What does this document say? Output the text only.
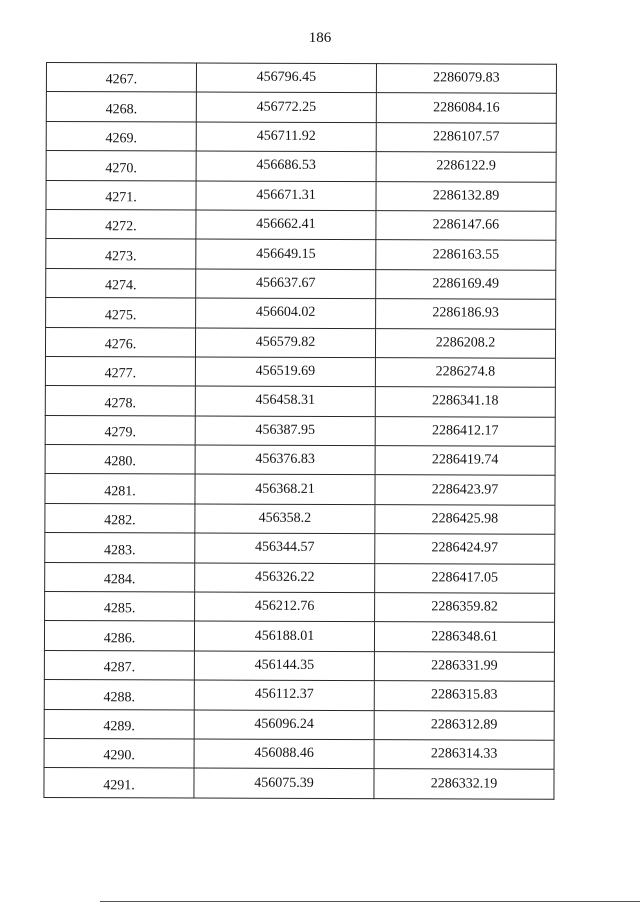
186
4267.	456796.45	2286079.83
4268.	456772.25	2286084.16
4269.	456711.92	2286107.57
4270.	456686.53	2286122.9
4271.	456671.31	2286132.89
4272.	456662.41	2286147.66
4273.	456649.15	2286163.55
4274.	456637.67	2286169.49
4275.	456604.02	2286186.93
4276.	456579.82	2286208.2
4277.	456519.69	2286274.8
4278.	456458.31	2286341.18
4279.	456387.95	2286412.17
4280.	456376.83	2286419.74
4281.	456368.21	2286423.97
4282.	456358.2	2286425.98
4283.	456344.57	2286424.97
4284.	456326.22	2286417.05
4285.	456212.76	2286359.82
4286.	456188.01	2286348.61
4287.	456144.35	2286331.99
4288.	456112.37	2286315.83
4289.	456096.24	2286312.89
4290.	456088.46	2286314.33
4291.	456075.39	2286332.19
